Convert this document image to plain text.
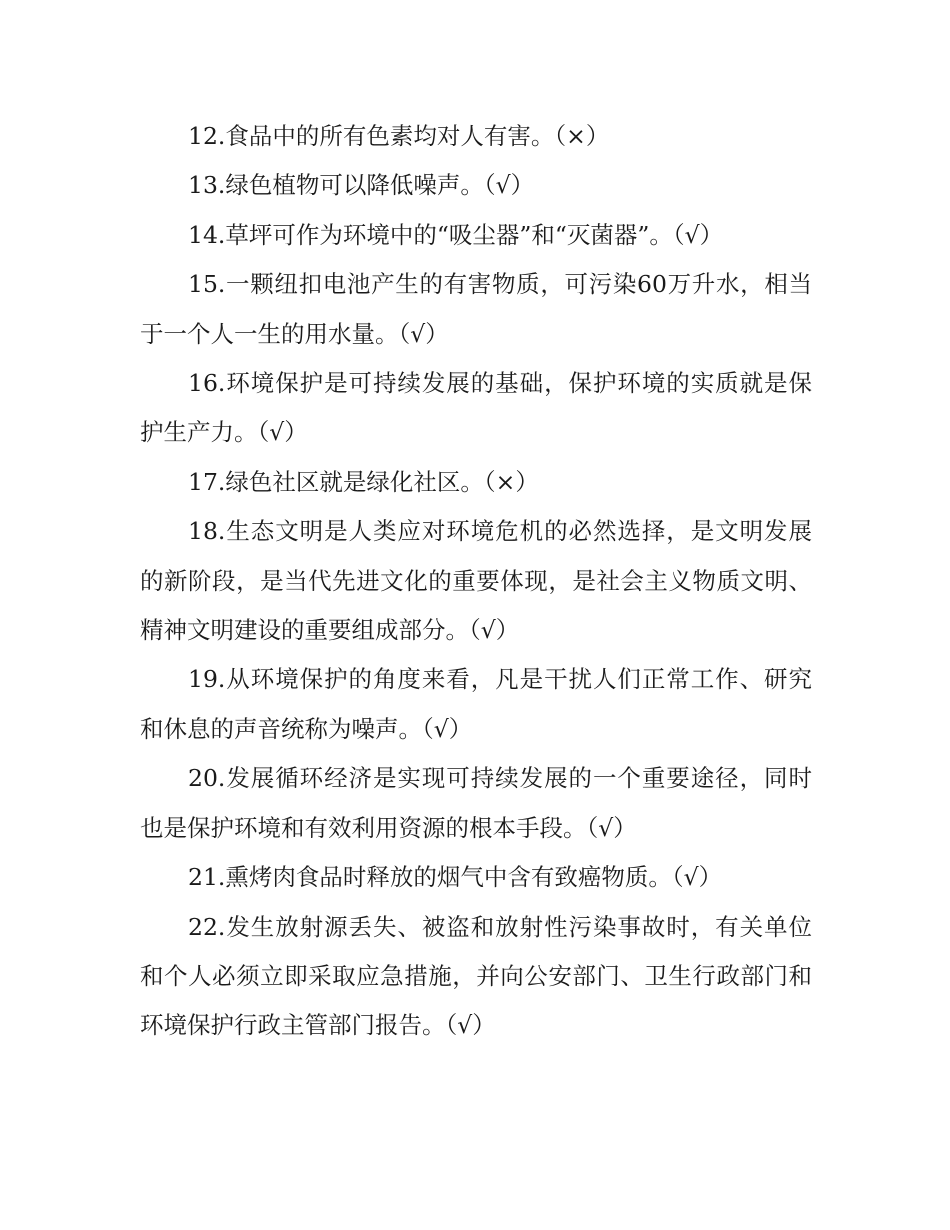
12.食品中的所有色素均对人有害。（×）

13.绿色植物可以降低噪声。（√）

14.草坪可作为环境中的“吸尘器”和“灭菌器”。（√）

15.一颗纽扣电池产生的有害物质，可污染60万升水，相当于一个人一生的用水量。（√）

16.环境保护是可持续发展的基础，保护环境的实质就是保护生产力。（√）

17.绿色社区就是绿化社区。（×）

18.生态文明是人类应对环境危机的必然选择，是文明发展的新阶段，是当代先进文化的重要体现，是社会主义物质文明、精神文明建设的重要组成部分。（√）

19.从环境保护的角度来看，凡是干扰人们正常工作、研究和休息的声音统称为噪声。（√）

20.发展循环经济是实现可持续发展的一个重要途径，同时也是保护环境和有效利用资源的根本手段。（√）

21.熏烤肉食品时释放的烟气中含有致癌物质。（√）

22.发生放射源丢失、被盗和放射性污染事故时，有关单位和个人必须立即采取应急措施，并向公安部门、卫生行政部门和环境保护行政主管部门报告。（√）
